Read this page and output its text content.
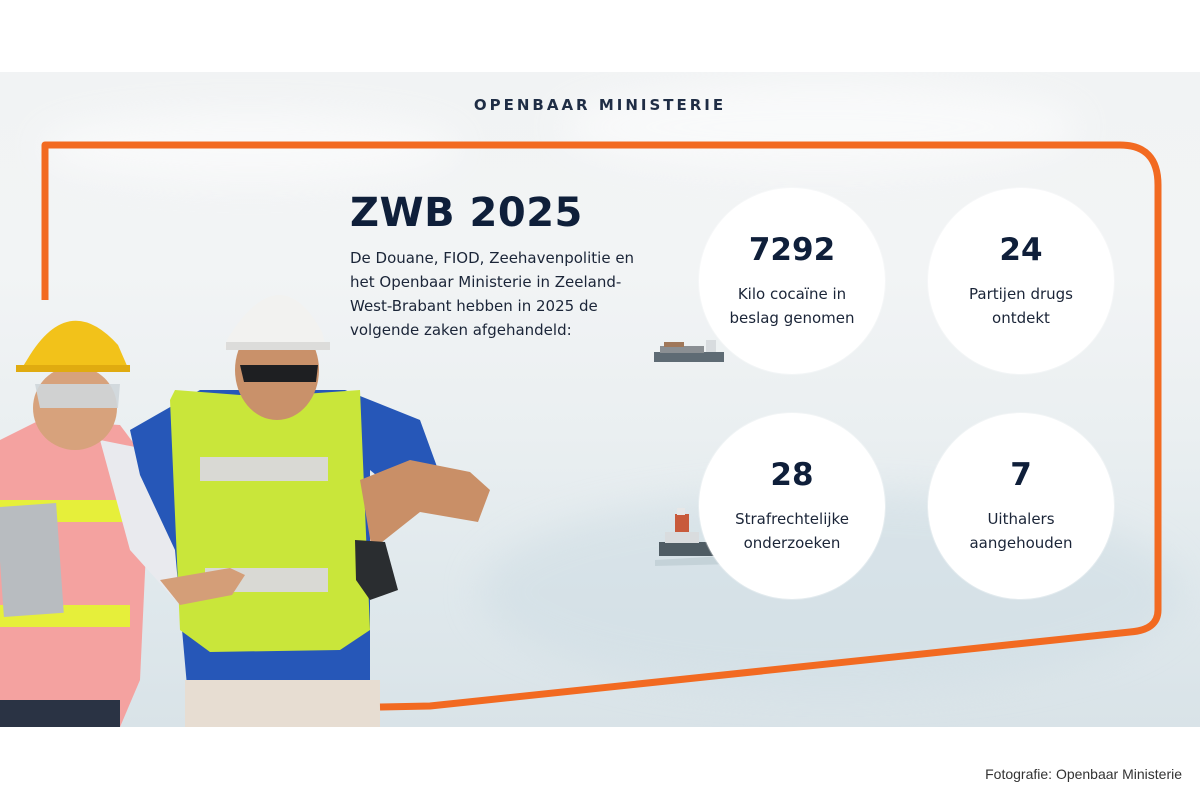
OPENBAAR MINISTERIE
ZWB 2025

De Douane, FIOD, Zeehavenpolitie en het Openbaar Ministerie in Zeeland-West-Brabant hebben in 2025 de volgende zaken afgehandeld:

7292
Kilo cocaïne in
beslag genomen
24
Partijen drugs
ontdekt
28
Strafrechtelijke
onderzoeken
7
Uithalers
aangehouden
Fotografie: Openbaar Ministerie
